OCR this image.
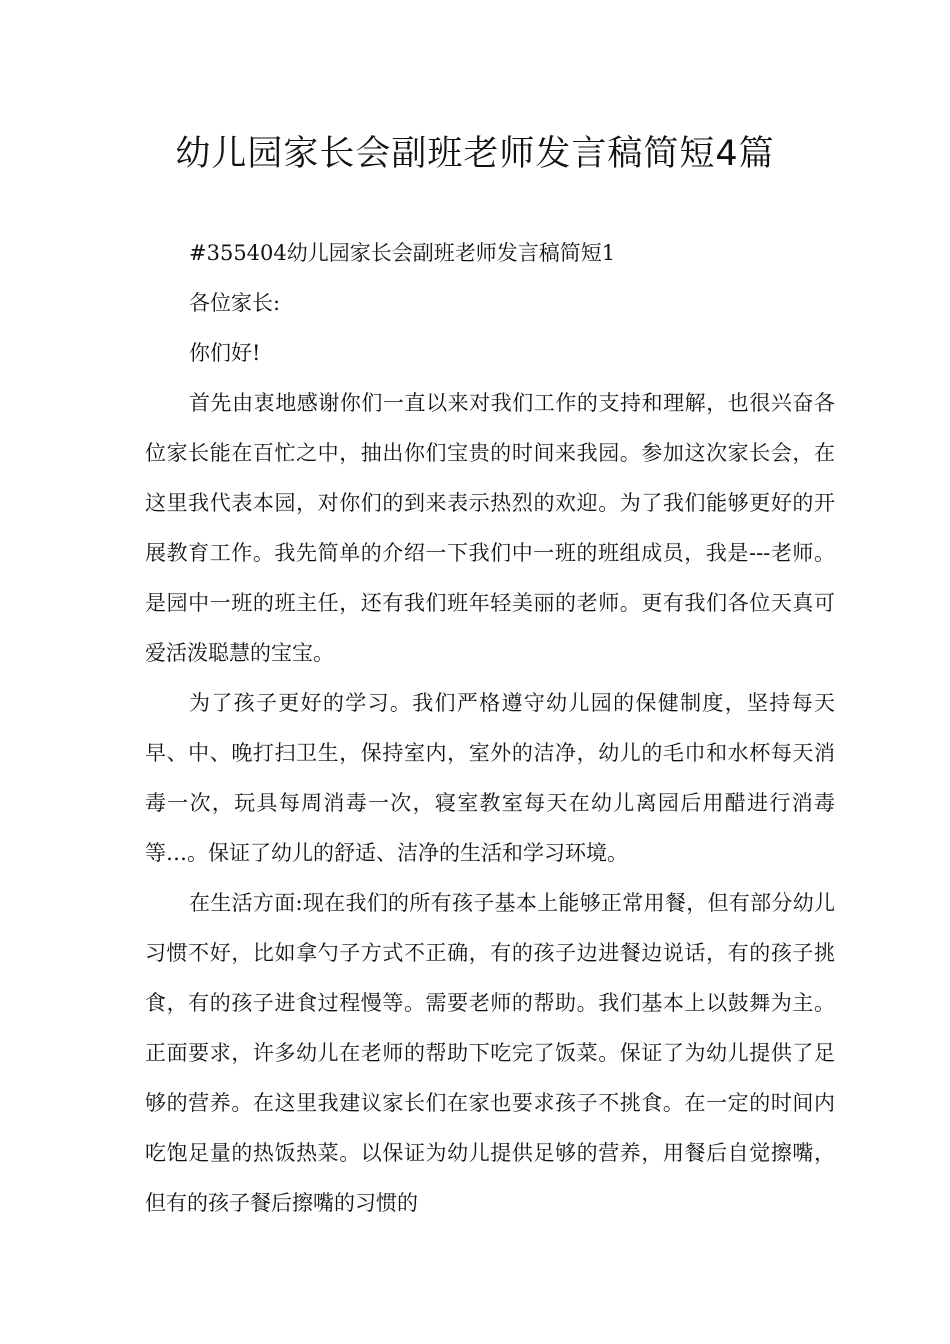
幼儿园家长会副班老师发言稿简短4篇

#355404幼儿园家长会副班老师发言稿简短1

各位家长:

你们好!

首先由衷地感谢你们一直以来对我们工作的支持和理解，也很兴奋各位家长能在百忙之中，抽出你们宝贵的时间来我园。参加这次家长会，在这里我代表本园，对你们的到来表示热烈的欢迎。为了我们能够更好的开展教育工作。我先简单的介绍一下我们中一班的班组成员，我是---老师。是园中一班的班主任，还有我们班年轻美丽的老师。更有我们各位天真可爱活泼聪慧的宝宝。

为了孩子更好的学习。我们严格遵守幼儿园的保健制度，坚持每天早、中、晚打扫卫生，保持室内，室外的洁净，幼儿的毛巾和水杯每天消毒一次，玩具每周消毒一次，寝室教室每天在幼儿离园后用醋进行消毒等…。保证了幼儿的舒适、洁净的生活和学习环境。

在生活方面:现在我们的所有孩子基本上能够正常用餐，但有部分幼儿习惯不好，比如拿勺子方式不正确，有的孩子边进餐边说话，有的孩子挑食，有的孩子进食过程慢等。需要老师的帮助。我们基本上以鼓舞为主。正面要求，许多幼儿在老师的帮助下吃完了饭菜。保证了为幼儿提供了足够的营养。在这里我建议家长们在家也要求孩子不挑食。在一定的时间内吃饱足量的热饭热菜。以保证为幼儿提供足够的营养，用餐后自觉擦嘴，但有的孩子餐后擦嘴的习惯的
